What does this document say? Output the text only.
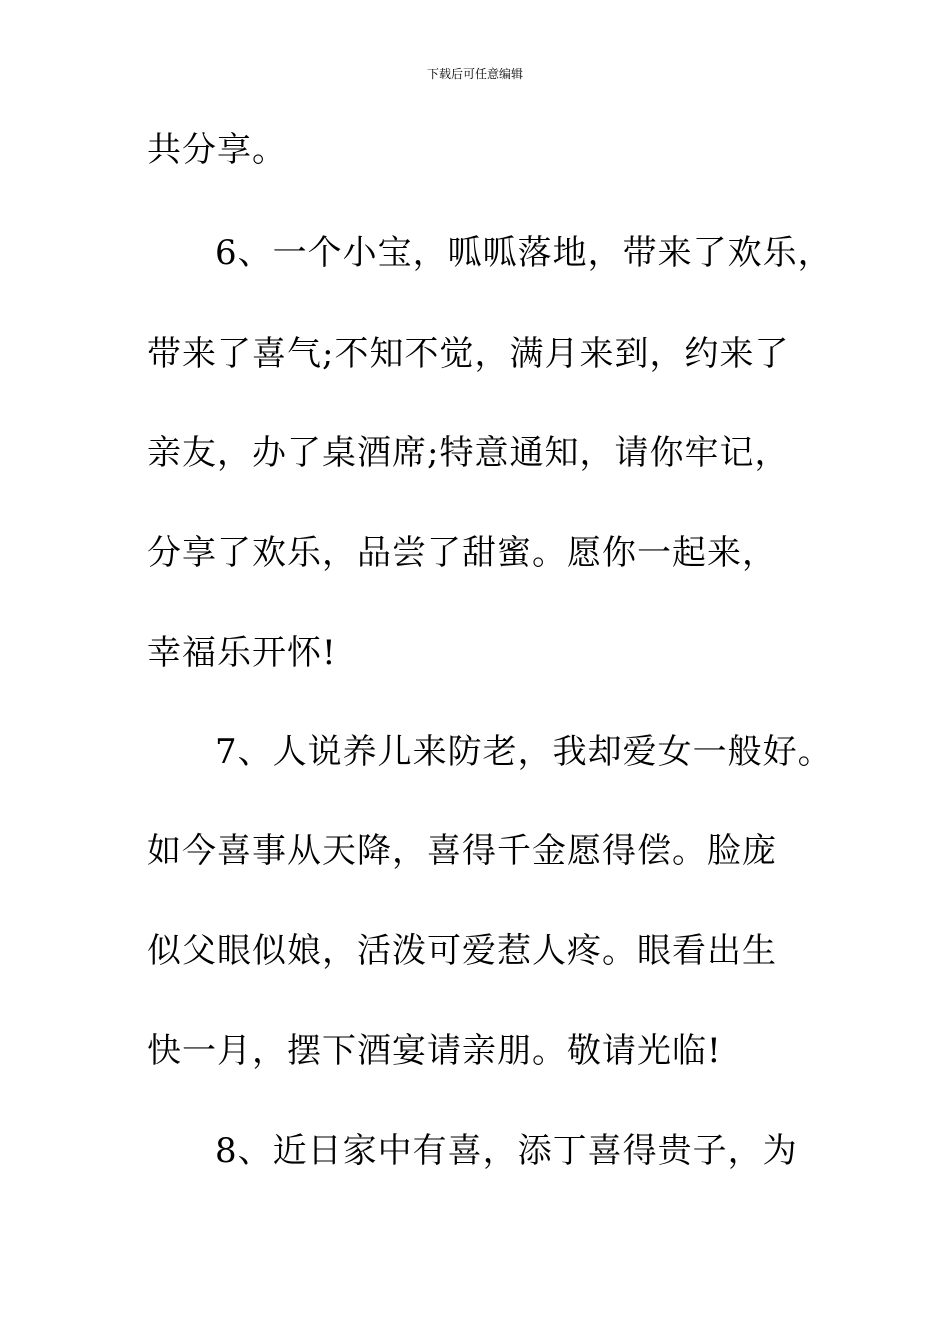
下载后可任意编辑
共分享。
6、一个小宝，呱呱落地，带来了欢乐，
带来了喜气;不知不觉，满月来到，约来了
亲友，办了桌酒席;特意通知，请你牢记，
分享了欢乐，品尝了甜蜜。愿你一起来，
幸福乐开怀!
7、人说养儿来防老，我却爱女一般好。
如今喜事从天降，喜得千金愿得偿。脸庞
似父眼似娘，活泼可爱惹人疼。眼看出生
快一月，摆下酒宴请亲朋。敬请光临!
8、近日家中有喜，添丁喜得贵子，为
